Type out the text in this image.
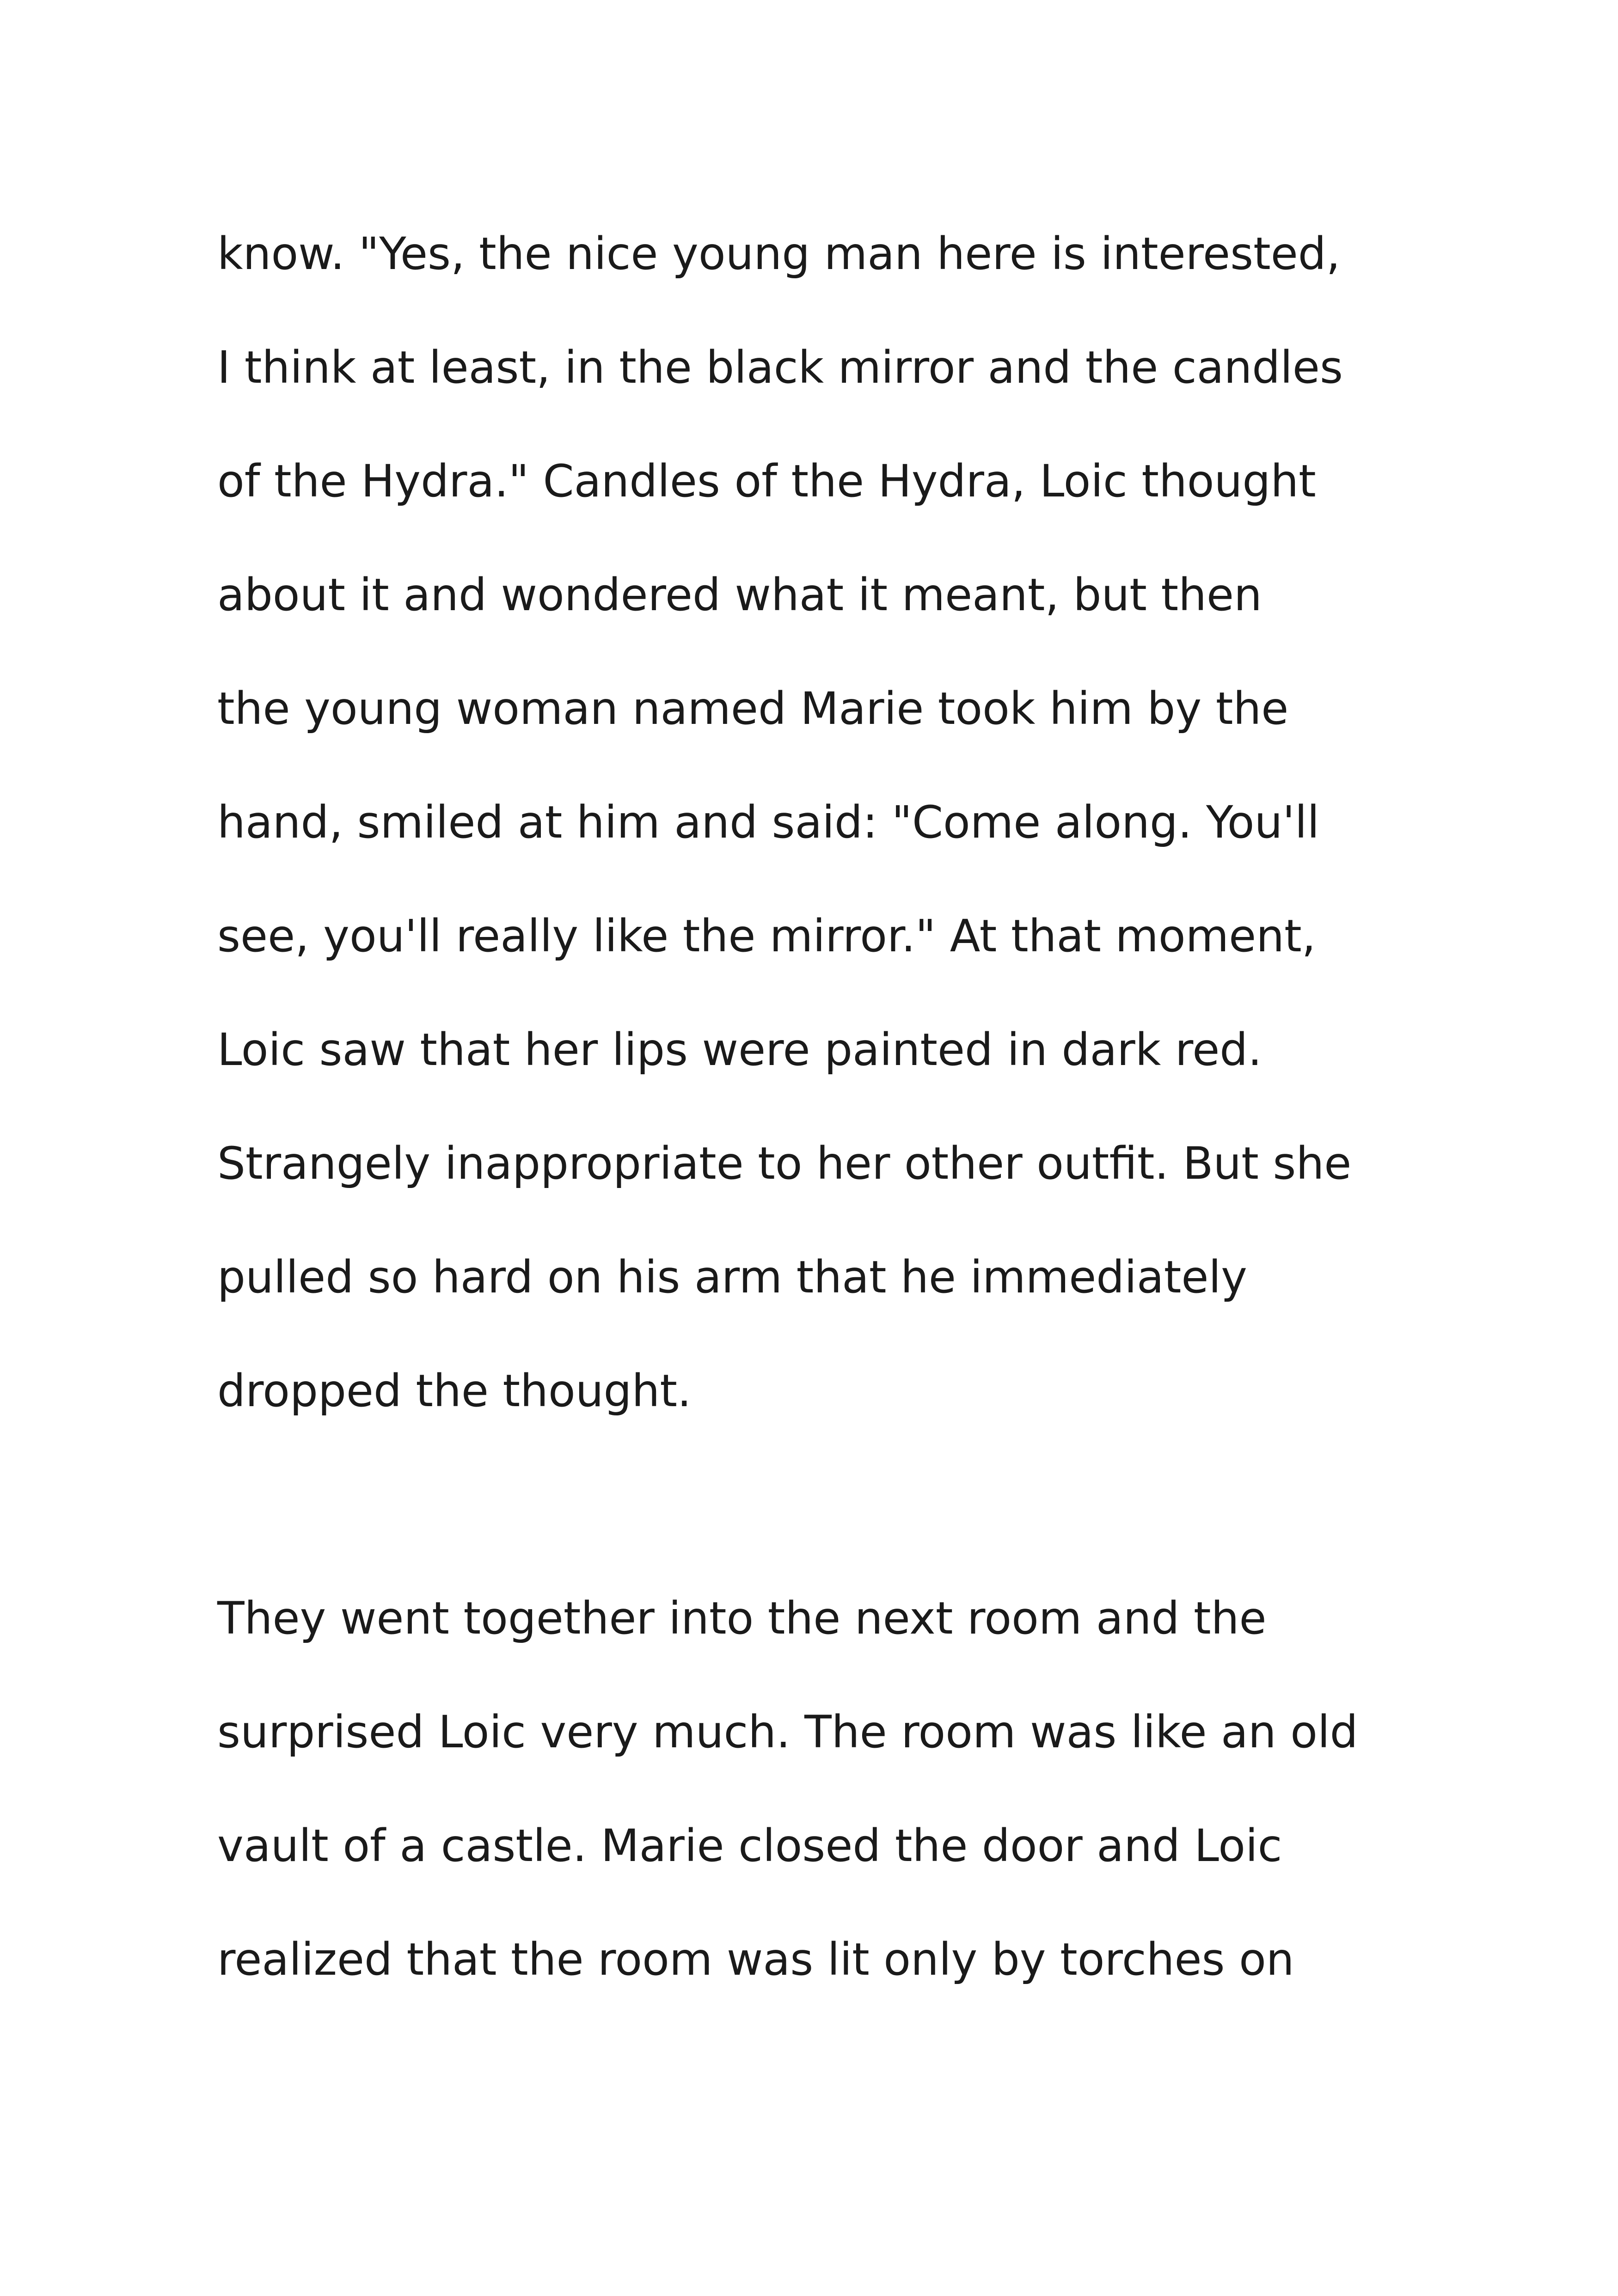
know. "Yes, the nice young man here is interested,
I think at least, in the black mirror and the candles
of the Hydra." Candles of the Hydra, Loic thought
about it and wondered what it meant, but then
the young woman named Marie took him by the
hand, smiled at him and said: "Come along. You'll
see, you'll really like the mirror." At that moment,
Loic saw that her lips were painted in dark red.
Strangely inappropriate to her other outfit. But she
pulled so hard on his arm that he immediately
dropped the thought.

They went together into the next room and the
surprised Loic very much. The room was like an old
vault of a castle. Marie closed the door and Loic
realized that the room was lit only by torches on
